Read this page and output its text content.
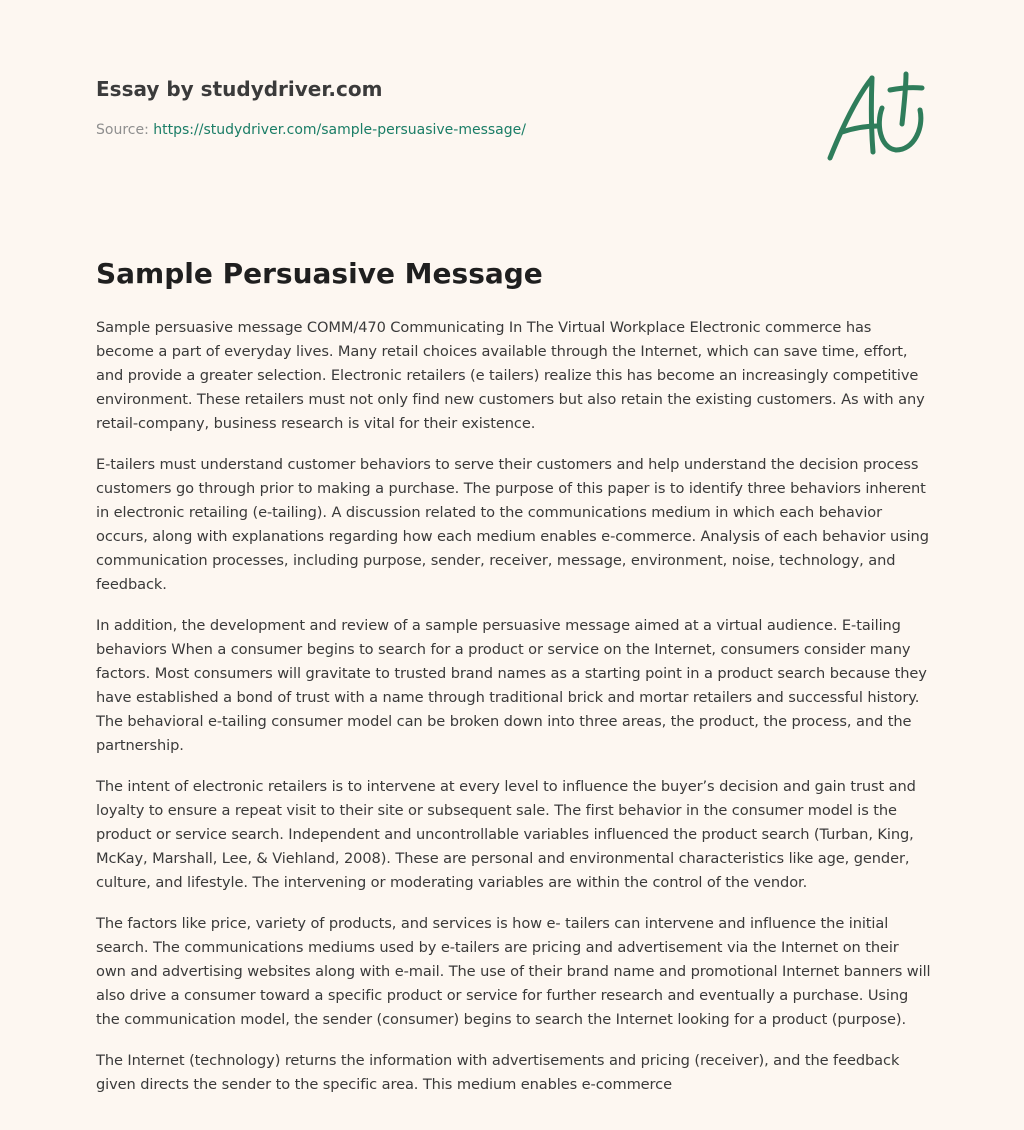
Essay by studydriver.com
Source: https://studydriver.com/sample-persuasive-message/
Sample Persuasive Message

Sample persuasive message COMM/470 Communicating In The Virtual Workplace Electronic commerce has become a part of everyday lives. Many retail choices available through the Internet, which can save time, effort, and provide a greater selection. Electronic retailers (e tailers) realize this has become an increasingly competitive environment. These retailers must not only find new customers but also retain the existing customers. As with any retail-company, business research is vital for their existence.

E-tailers must understand customer behaviors to serve their customers and help understand the decision process customers go through prior to making a purchase. The purpose of this paper is to identify three behaviors inherent in electronic retailing (e-tailing). A discussion related to the communications medium in which each behavior occurs, along with explanations regarding how each medium enables e-commerce. Analysis of each behavior using communication processes, including purpose, sender, receiver, message, environment, noise, technology, and feedback.

In addition, the development and review of a sample persuasive message aimed at a virtual audience. E-tailing behaviors When a consumer begins to search for a product or service on the Internet, consumers consider many factors. Most consumers will gravitate to trusted brand names as a starting point in a product search because they have established a bond of trust with a name through traditional brick and mortar retailers and successful history. The behavioral e-tailing consumer model can be broken down into three areas, the product, the process, and the partnership.

The intent of electronic retailers is to intervene at every level to influence the buyer’s decision and gain trust and loyalty to ensure a repeat visit to their site or subsequent sale. The first behavior in the consumer model is the product or service search. Independent and uncontrollable variables influenced the product search (Turban, King, McKay, Marshall, Lee, & Viehland, 2008). These are personal and environmental characteristics like age, gender, culture, and lifestyle. The intervening or moderating variables are within the control of the vendor.

The factors like price, variety of products, and services is how e- tailers can intervene and influence the initial search. The communications mediums used by e-tailers are pricing and advertisement via the Internet on their own and advertising websites along with e-mail. The use of their brand name and promotional Internet banners will also drive a consumer toward a specific product or service for further research and eventually a purchase. Using the communication model, the sender (consumer) begins to search the Internet looking for a product (purpose).

The Internet (technology) returns the information with advertisements and pricing (receiver), and the feedback given directs the sender to the specific area. This medium enables e-commerce
